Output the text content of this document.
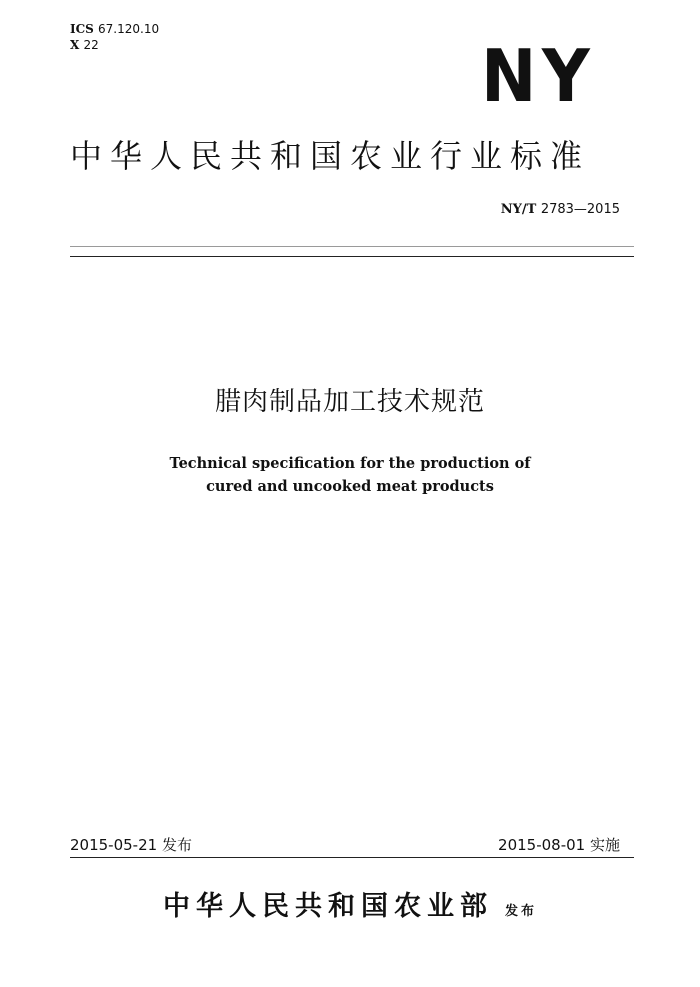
ICS 67.120.10
X 22	NY
中华人民共和国农业行业标准
NY/T 2783—2015
腊肉制品加工技术规范
Technical specification for the production of
cured and uncooked meat products
2015-05-21 发布	2015-08-01 实施
中华人民共和国农业部 发布
